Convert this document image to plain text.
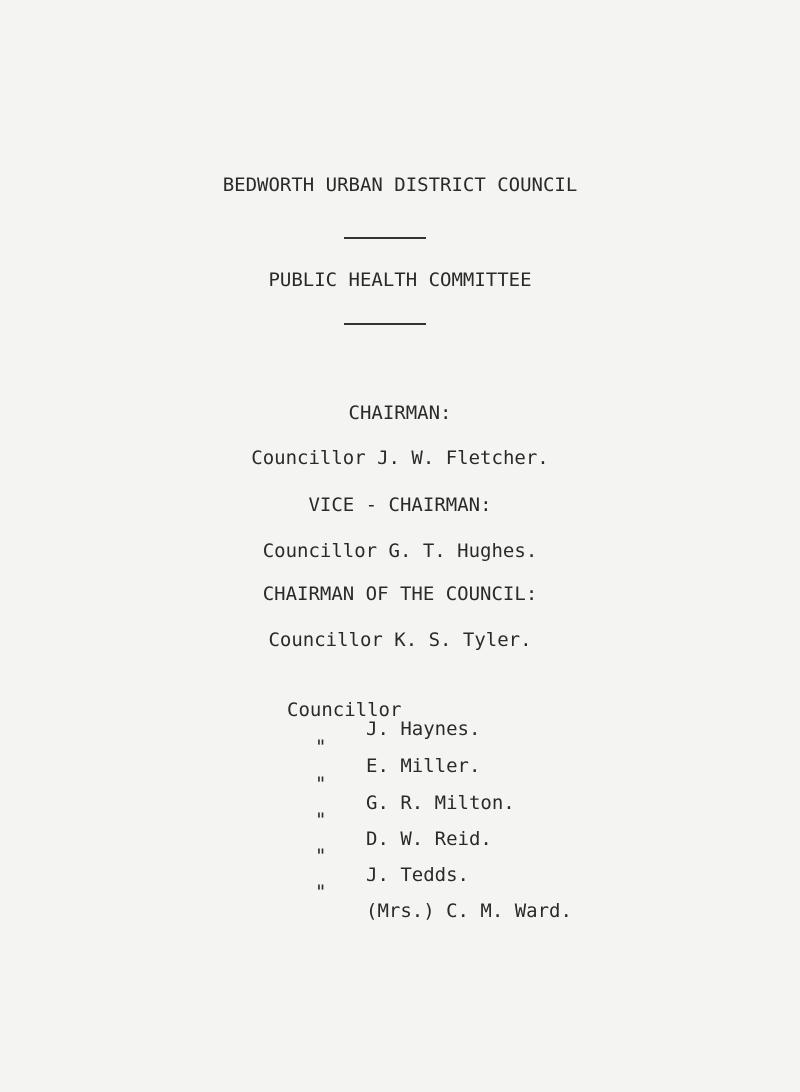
BEDWORTH URBAN DISTRICT COUNCIL
PUBLIC HEALTH COMMITTEE
CHAIRMAN:
Councillor J. W. Fletcher.
VICE - CHAIRMAN:
Councillor G. T. Hughes.
CHAIRMAN OF THE COUNCIL:
Councillor K. S. Tyler.

Councillor

J. Haynes.

"

E. Miller.

"

G. R. Milton.

"

D. W. Reid.

"

J. Tedds.

"

(Mrs.) C. M. Ward.
